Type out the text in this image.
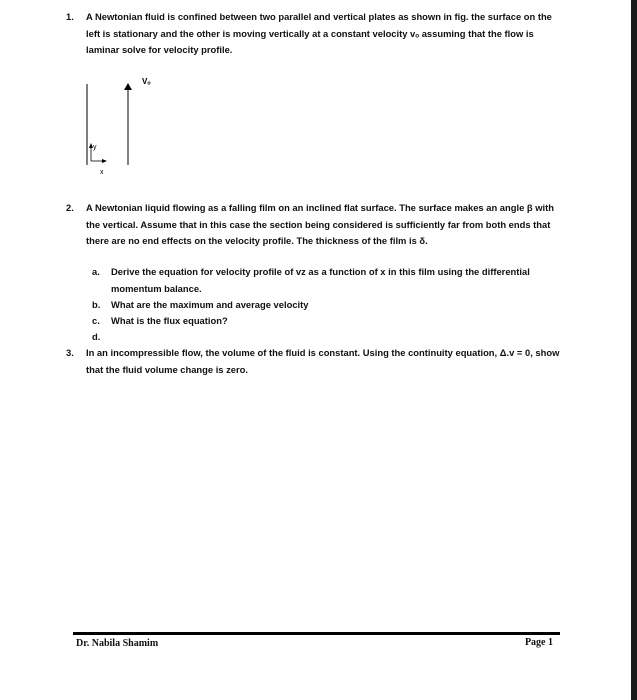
1. A Newtonian fluid is confined between two parallel and vertical plates as shown in fig. the surface on the left is stationary and the other is moving vertically at a constant velocity vₒ assuming that the flow is laminar solve for velocity profile.
Vₒ
y
x
2. A Newtonian liquid flowing as a falling film on an inclined flat surface. The surface makes an angle β with the vertical. Assume that in this case the section being considered is sufficiently far from both ends that there are no end effects on the velocity profile. The thickness of the film is δ.
a. Derive the equation for velocity profile of vz as a function of x in this film using the differential momentum balance.
b. What are the maximum and average velocity
c. What is the flux equation?
d.
3. In an incompressible flow, the volume of the fluid is constant. Using the continuity equation, Δ.v = 0, show that the fluid volume change is zero.
Dr. Nabila Shamim	Page 1
